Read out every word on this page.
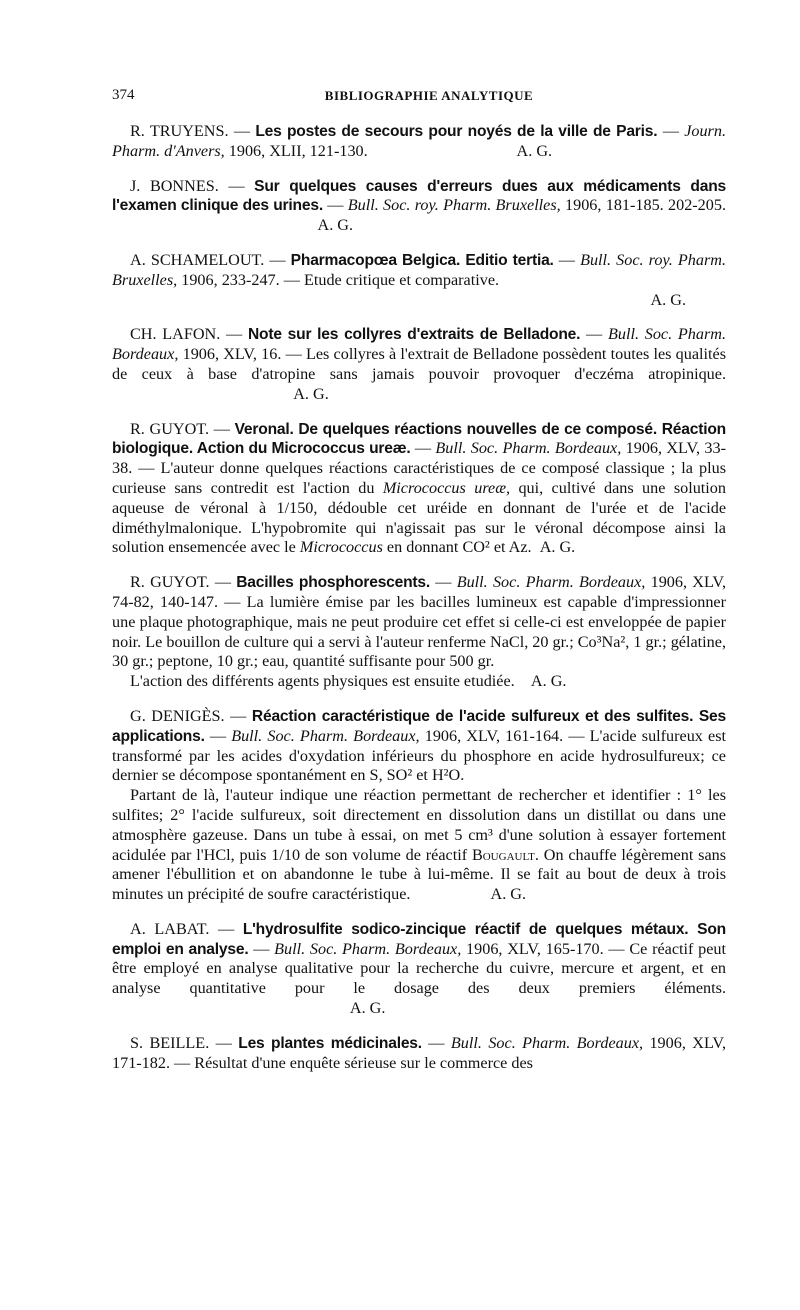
374	BIBLIOGRAPHIE ANALYTIQUE

R. TRUYENS. — Les postes de secours pour noyés de la ville de Paris. — Journ. Pharm. d'Anvers, 1906, XLII, 121-130.	A. G.

J. BONNES. — Sur quelques causes d'erreurs dues aux médicaments dans l'examen clinique des urines. — Bull. Soc. roy. Pharm. Bruxelles, 1906, 181-185. 202-205.                                                    A. G.

A. SCHAMELOUT. — Pharmacopœa Belgica. Editio tertia. — Bull. Soc. roy. Pharm. Bruxelles, 1906, 233-247. — Etude critique et comparative.

A. G.

CH. LAFON. — Note sur les collyres d'extraits de Belladone. — Bull. Soc. Pharm. Bordeaux, 1906, XLV, 16. — Les collyres à l'extrait de Belladone possèdent toutes les qualités de ceux à base d'atropine sans jamais pouvoir provoquer d'eczéma atropinique.                                              A. G.

R. GUYOT. — Veronal. De quelques réactions nouvelles de ce composé. Réaction biologique. Action du Micrococcus ureæ. — Bull. Soc. Pharm. Bordeaux, 1906, XLV, 33-38. — L'auteur donne quelques réactions caractéristiques de ce composé classique ; la plus curieuse sans contredit est l'action du Micrococcus ureæ, qui, cultivé dans une solution aqueuse de véronal à 1/150, dédouble cet uréide en donnant de l'urée et de l'acide diméthylmalonique. L'hypobromite qui n'agissait pas sur le véronal décompose ainsi la solution ensemencée avec le Micrococcus en donnant CO² et Az. A. G.

R. GUYOT. — Bacilles phosphorescents. — Bull. Soc. Pharm. Bordeaux, 1906, XLV, 74-82, 140-147. — La lumière émise par les bacilles lumineux est capable d'impressionner une plaque photographique, mais ne peut produire cet effet si celle-ci est enveloppée de papier noir. Le bouillon de culture qui a servi à l'auteur renferme NaCl, 20 gr.; Co³Na², 1 gr.; gélatine, 30 gr.; peptone, 10 gr.; eau, quantité suffisante pour 500 gr.

L'action des différents agents physiques est ensuite etudiée. A. G.

G. DENIGÈS. — Réaction caractéristique de l'acide sulfureux et des sulfites. Ses applications. — Bull. Soc. Pharm. Bordeaux, 1906, XLV, 161-164. — L'acide sulfureux est transformé par les acides d'oxydation inférieurs du phosphore en acide hydrosulfureux; ce dernier se décompose spontanément en S, SO² et H²O.

Partant de là, l'auteur indique une réaction permettant de rechercher et identifier : 1° les sulfites; 2° l'acide sulfureux, soit directement en dissolution dans un distillat ou dans une atmosphère gazeuse. Dans un tube à essai, on met 5 cm³ d'une solution à essayer fortement acidulée par l'HCl, puis 1/10 de son volume de réactif Bougault. On chauffe légèrement sans amener l'ébullition et on abandonne le tube à lui-même. Il se fait au bout de deux à trois minutes un précipité de soufre caractéristique.	A. G.

A. LABAT. — L'hydrosulfite sodico-zincique réactif de quelques métaux. Son emploi en analyse. — Bull. Soc. Pharm. Bordeaux, 1906, XLV, 165-170. — Ce réactif peut être employé en analyse qualitative pour la recherche du cuivre, mercure et argent, et en analyse quantitative pour le dosage des deux premiers éléments.                                                            A. G.

S. BEILLE. — Les plantes médicinales. — Bull. Soc. Pharm. Bordeaux, 1906, XLV, 171-182. — Résultat d'une enquête sérieuse sur le commerce des
